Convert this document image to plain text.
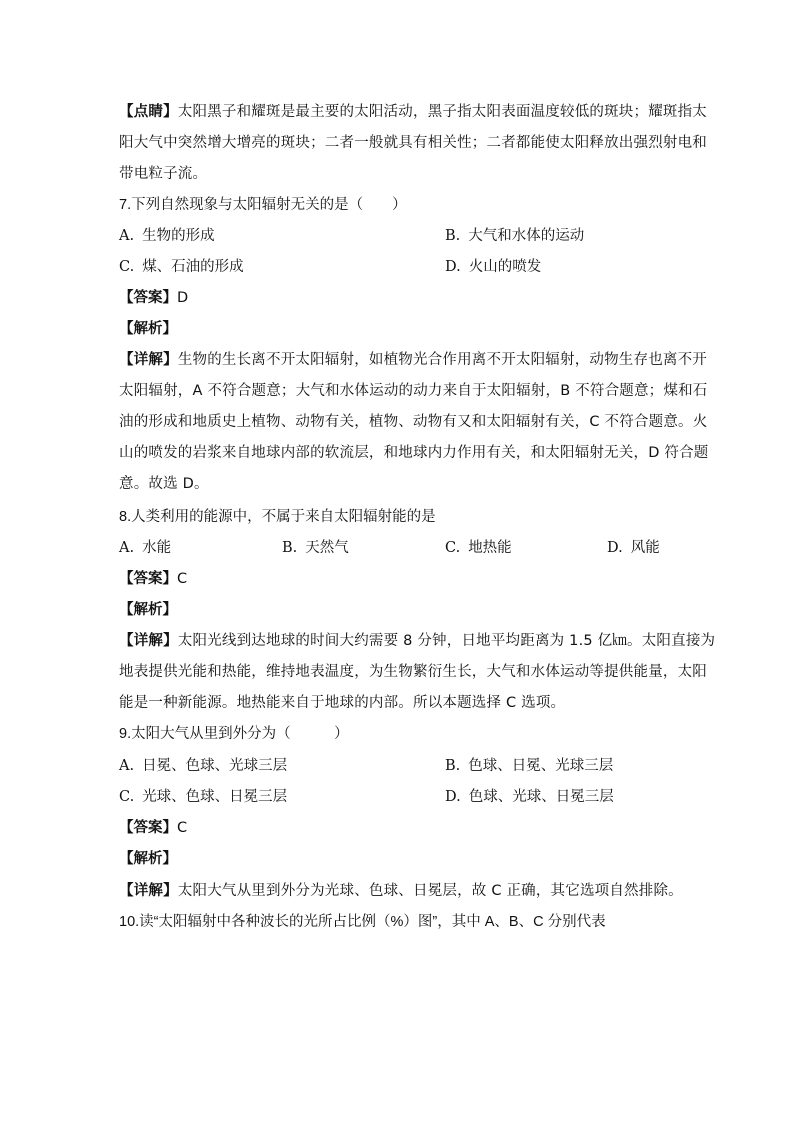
【点睛】太阳黑子和耀斑是最主要的太阳活动，黑子指太阳表面温度较低的斑块；耀斑指太
阳大气中突然增大增亮的斑块；二者一般就具有相关性；二者都能使太阳释放出强烈射电和
带电粒子流。
7.下列自然现象与太阳辐射无关的是（　　）
A. 生物的形成	B. 大气和水体的运动
C. 煤、石油的形成	D. 火山的喷发
【答案】D
【解析】
【详解】生物的生长离不开太阳辐射，如植物光合作用离不开太阳辐射，动物生存也离不开
太阳辐射，A 不符合题意；大气和水体运动的动力来自于太阳辐射，B 不符合题意；煤和石
油的形成和地质史上植物、动物有关，植物、动物有又和太阳辐射有关，C 不符合题意。火
山的喷发的岩浆来自地球内部的软流层，和地球内力作用有关，和太阳辐射无关，D 符合题
意。故选 D。
8.人类利用的能源中，不属于来自太阳辐射能的是
A. 水能	B. 天然气	C. 地热能	D. 风能
【答案】C
【解析】
【详解】太阳光线到达地球的时间大约需要 8 分钟，日地平均距离为 1.5 亿㎞。太阳直接为
地表提供光能和热能，维持地表温度，为生物繁衍生长，大气和水体运动等提供能量，太阳
能是一种新能源。地热能来自于地球的内部。所以本题选择 C 选项。
9.太阳大气从里到外分为（　　　）
A. 日冕、色球、光球三层	B. 色球、日冕、光球三层
C. 光球、色球、日冕三层	D. 色球、光球、日冕三层
【答案】C
【解析】
【详解】太阳大气从里到外分为光球、色球、日冕层，故 C 正确，其它选项自然排除。
10.读“太阳辐射中各种波长的光所占比例（%）图”，其中 A、B、C 分别代表
